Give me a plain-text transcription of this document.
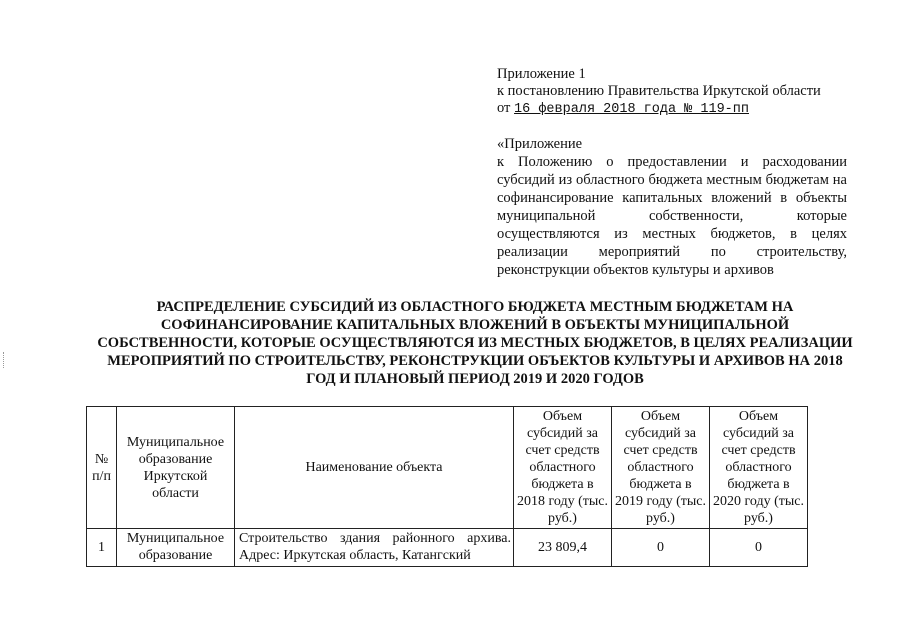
Приложение 1
к постановлению Правительства Иркутской области
от 16 февраля 2018 года № 119-пп
«Приложение
к Положению о предоставлении и расходовании субсидий из областного бюджета местным бюджетам на софинансирование капитальных вложений в объекты муниципальной собственности, которые осуществляются из местных бюджетов, в целях реализации мероприятий по строительству, реконструкции объектов культуры и архивов
РАСПРЕДЕЛЕНИЕ СУБСИДИЙ ИЗ ОБЛАСТНОГО БЮДЖЕТА МЕСТНЫМ БЮДЖЕТАМ НА СОФИНАНСИРОВАНИЕ КАПИТАЛЬНЫХ ВЛОЖЕНИЙ В ОБЪЕКТЫ МУНИЦИПАЛЬНОЙ СОБСТВЕННОСТИ, КОТОРЫЕ ОСУЩЕСТВЛЯЮТСЯ ИЗ МЕСТНЫХ БЮДЖЕТОВ, В ЦЕЛЯХ РЕАЛИЗАЦИИ МЕРОПРИЯТИЙ ПО СТРОИТЕЛЬСТВУ, РЕКОНСТРУКЦИИ ОБЪЕКТОВ КУЛЬТУРЫ И АРХИВОВ НА 2018 ГОД И ПЛАНОВЫЙ ПЕРИОД 2019 И 2020 ГОДОВ
№ п/п	Муниципальное образование Иркутской области	Наименование объекта	Объем субсидий за счет средств областного бюджета в 2018 году (тыс. руб.)	Объем субсидий за счет средств областного бюджета в 2019 году (тыс. руб.)	Объем субсидий за счет средств областного бюджета в 2020 году (тыс. руб.)
1	Муниципальное образование	Строительство здания районного архива. Адрес: Иркутская область, Катангский	23 809,4	0	0
